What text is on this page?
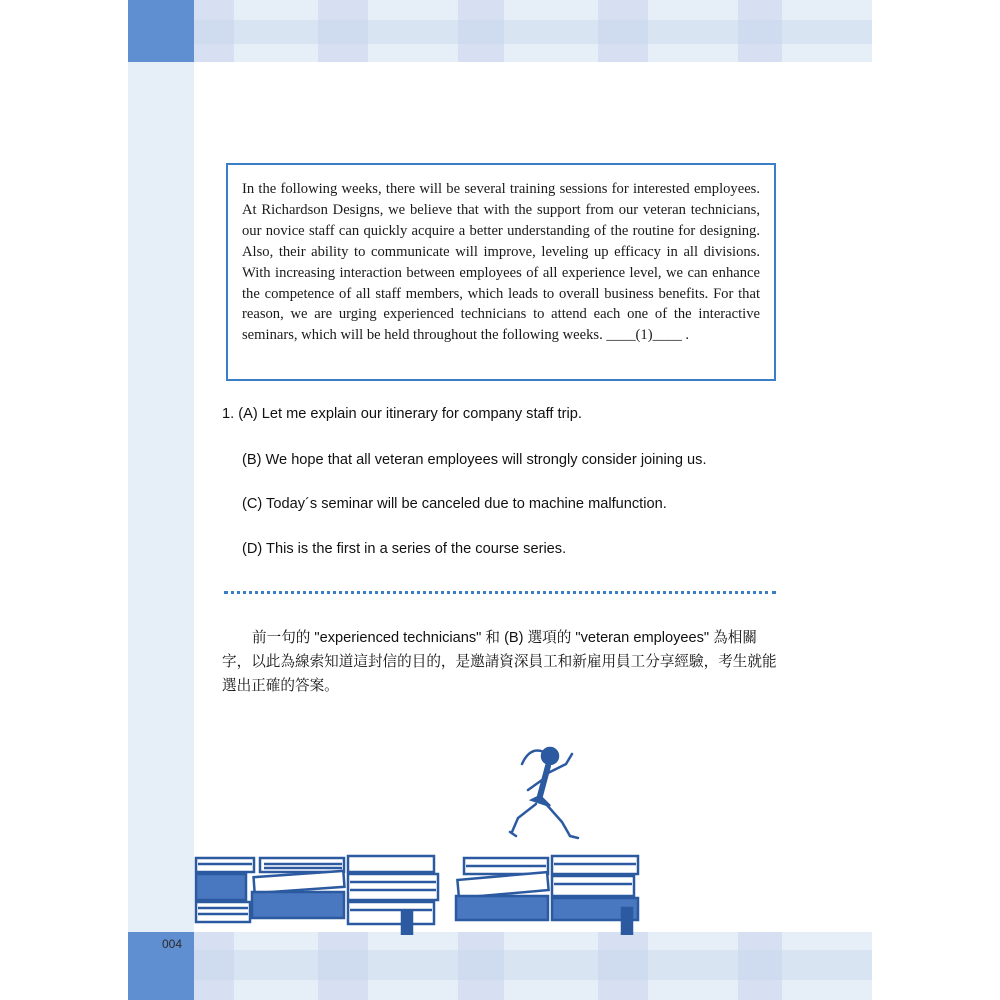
In the following weeks, there will be several training sessions for interested employees. At Richardson Designs, we believe that with the support from our veteran technicians, our novice staff can quickly acquire a better understanding of the routine for designing. Also, their ability to communicate will improve, leveling up efficacy in all divisions. With increasing interaction between employees of all experience level, we can enhance the competence of all staff members, which leads to overall business benefits. For that reason, we are urging experienced technicians to attend each one of the interactive seminars, which will be held throughout the following weeks. ____(1)____ .

1. (A) Let me explain our itinerary for company staff trip.
(B) We hope that all veteran employees will strongly consider joining us.
(C) Today´s seminar will be canceled due to machine malfunction.
(D) This is the first in a series of the course series.

前一句的 "experienced technicians" 和 (B) 選項的 "veteran employees" 為相關字，以此為線索知道這封信的目的，是邀請資深員工和新雇用員工分享經驗，考生就能選出正確的答案。

004
